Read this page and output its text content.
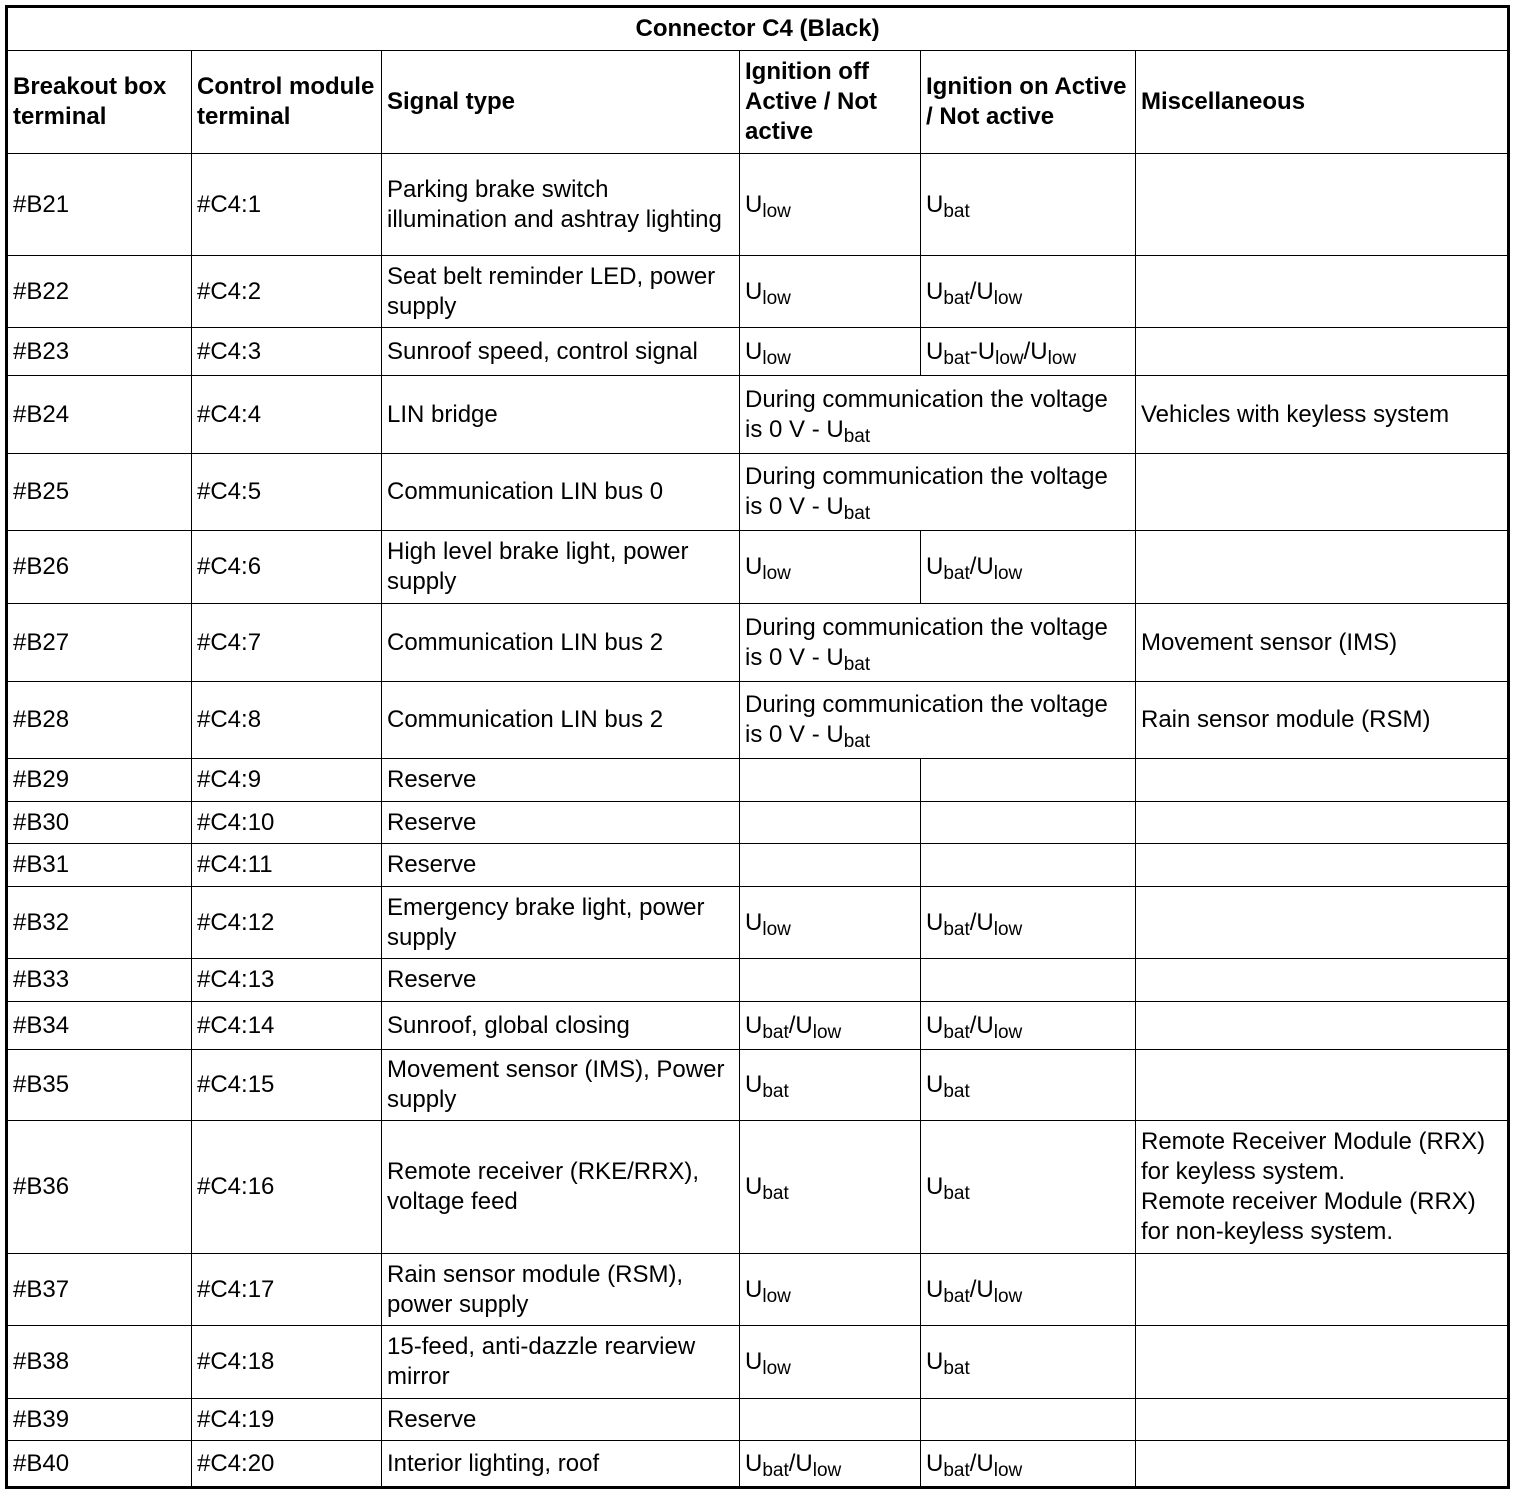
Connector C4 (Black)					
Breakout box terminal	Control module terminal	Signal type	Ignition off Active / Not active	Ignition on Active / Not active	Miscellaneous
#B21	#C4:1	Parking brake switch illumination and ashtray lighting	$U_{low}$	$U_{bat}$	
#B22	#C4:2	Seat belt reminder LED, power supply	$U_{low}$	$U_{bat}/U_{low}$	
#B23	#C4:3	Sunroof speed, control signal	$U_{low}$	$U_{bat}-U_{low}/U_{low}$	
#B24	#C4:4	LIN bridge	During communication the voltage is 0 V - $U_{bat}$		Vehicles with keyless system
#B25	#C4:5	Communication LIN bus 0	During communication the voltage is 0 V - $U_{bat}$	
#B26	#C4:6	High level brake light, power supply	$U_{low}$	$U_{bat}/U_{low}$	
#B27	#C4:7	Communication LIN bus 2	During communication the voltage is 0 V - $U_{bat}$		Movement sensor (IMS)
#B28	#C4:8	Communication LIN bus 2	During communication the voltage is 0 V - $U_{bat}$		Rain sensor module (RSM)
#B29	#C4:9	Reserve			
#B30	#C4:10	Reserve			
#B31	#C4:11	Reserve			
#B32	#C4:12	Emergency brake light, power supply	$U_{low}$	$U_{bat}/U_{low}$	
#B33	#C4:13	Reserve			
#B34	#C4:14	Sunroof, global closing	$U_{bat}/U_{low}$	$U_{bat}/U_{low}$	
#B35	#C4:15	Movement sensor (IMS), Power supply	$U_{bat}$	$U_{bat}$	
#B36	#C4:16	Remote receiver (RKE/RRX), voltage feed	$U_{bat}$	$U_{bat}$	Remote Receiver Module (RRX) for keyless system.
Remote receiver Module (RRX) for non-keyless system.
#B37	#C4:17	Rain sensor module (RSM), power supply	$U_{low}$	$U_{bat}/U_{low}$	
#B38	#C4:18	15-feed, anti-dazzle rearview mirror	$U_{low}$	$U_{bat}$	
#B39	#C4:19	Reserve			
#B40	#C4:20	Interior lighting, roof	$U_{bat}/U_{low}$	$U_{bat}/U_{low}$	
